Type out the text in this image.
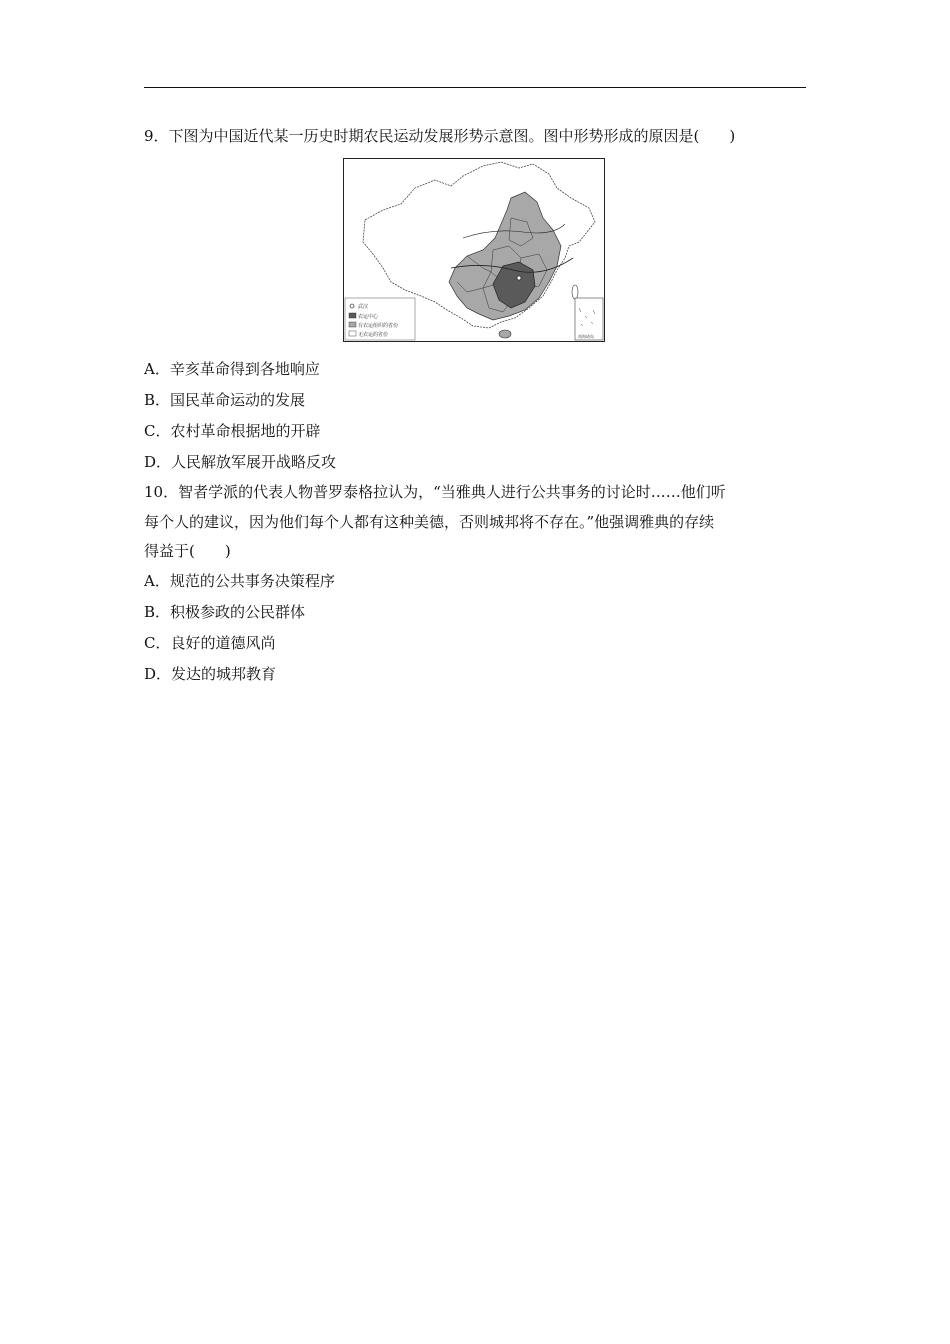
9．下图为中国近代某一历史时期农民运动发展形势示意图。图中形势形成的原因是(　　)
武汉
农运中心
有农运组织的省份
无农运的省份	南海诸岛
A．辛亥革命得到各地响应
B．国民革命运动的发展
C．农村革命根据地的开辟
D．人民解放军展开战略反攻
10．智者学派的代表人物普罗泰格拉认为，“当雅典人进行公共事务的讨论时……他们听
每个人的建议，因为他们每个人都有这种美德，否则城邦将不存在。”他强调雅典的存续
得益于(　　)
A．规范的公共事务决策程序
B．积极参政的公民群体
C．良好的道德风尚
D．发达的城邦教育
